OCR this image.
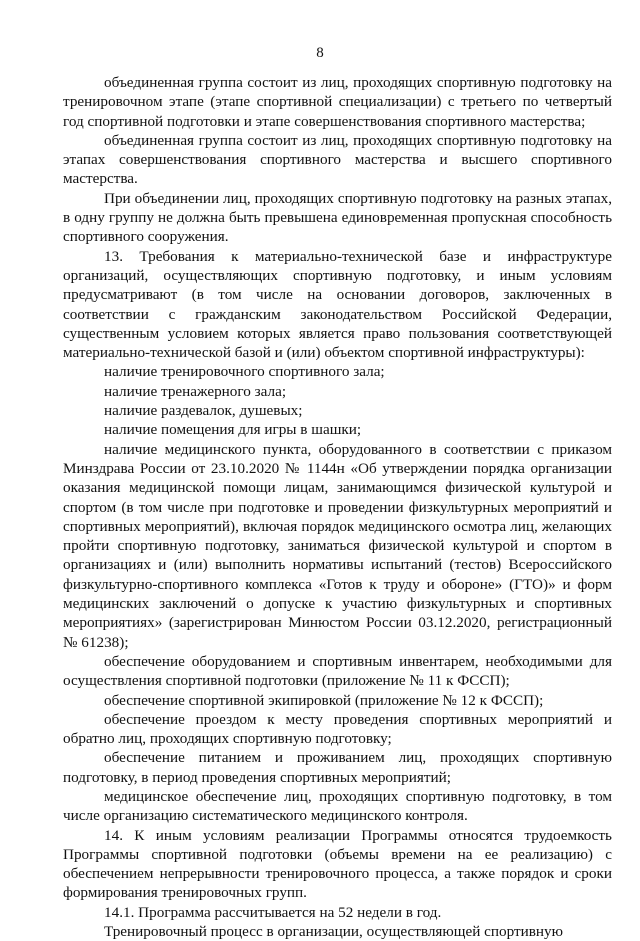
8

объединенная группа состоит из лиц, проходящих спортивную подготовку на тренировочном этапе (этапе спортивной специализации) с третьего по четвертый год спортивной подготовки и этапе совершенствования спортивного мастерства;

объединенная группа состоит из лиц, проходящих спортивную подготовку на этапах совершенствования спортивного мастерства и высшего спортивного мастерства.

При объединении лиц, проходящих спортивную подготовку на разных этапах, в одну группу не должна быть превышена единовременная пропускная способность спортивного сооружения.

13. Требования к материально-технической базе и инфраструктуре организаций, осуществляющих спортивную подготовку, и иным условиям предусматривают (в том числе на основании договоров, заключенных в соответствии с гражданским законодательством Российской Федерации, существенным условием которых является право пользования соответствующей материально-технической базой и (или) объектом спортивной инфраструктуры):

наличие тренировочного спортивного зала;

наличие тренажерного зала;

наличие раздевалок, душевых;

наличие помещения для игры в шашки;

наличие медицинского пункта, оборудованного в соответствии с приказом Минздрава России от 23.10.2020 № 1144н «Об утверждении порядка организации оказания медицинской помощи лицам, занимающимся физической культурой и спортом (в том числе при подготовке и проведении физкультурных мероприятий и спортивных мероприятий), включая порядок медицинского осмотра лиц, желающих пройти спортивную подготовку, заниматься физической культурой и спортом в организациях и (или) выполнить нормативы испытаний (тестов) Всероссийского физкультурно-спортивного комплекса «Готов к труду и обороне» (ГТО)» и форм медицинских заключений о допуске к участию физкультурных и спортивных мероприятиях» (зарегистрирован Минюстом России 03.12.2020, регистрационный № 61238);

обеспечение оборудованием и спортивным инвентарем, необходимыми для осуществления спортивной подготовки (приложение № 11 к ФССП);

обеспечение спортивной экипировкой (приложение № 12 к ФССП);

обеспечение проездом к месту проведения спортивных мероприятий и обратно лиц, проходящих спортивную подготовку;

обеспечение питанием и проживанием лиц, проходящих спортивную подготовку, в период проведения спортивных мероприятий;

медицинское обеспечение лиц, проходящих спортивную подготовку, в том числе организацию систематического медицинского контроля.

14. К иным условиям реализации Программы относятся трудоемкость Программы спортивной подготовки (объемы времени на ее реализацию) с обеспечением непрерывности тренировочного процесса, а также порядок и сроки формирования тренировочных групп.

14.1. Программа рассчитывается на 52 недели в год.

Тренировочный процесс в организации, осуществляющей спортивную
